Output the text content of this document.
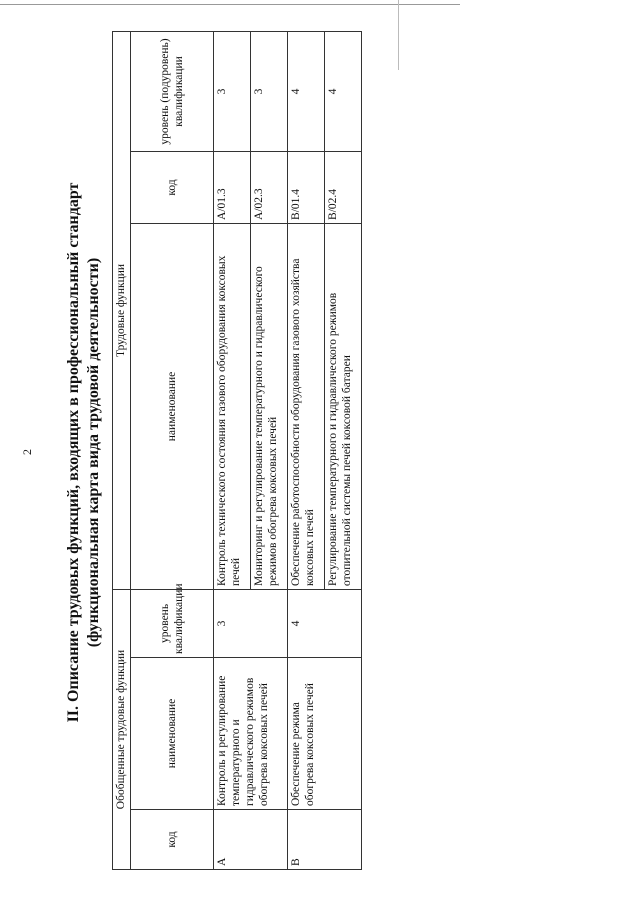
2 II. Описание трудовых функций, входящих в профессиональный стандарт (функциональная карта вида трудовой деятельности)
Обобщенные трудовые функции			Трудовые функции		
код	наименование	уровень квалификации	наименование	код	уровень (подуровень) квалификации
A	Контроль и регулирование температурного и гидравлического режимов обогрева коксовых печей	3	Контроль технического состояния газового оборудования коксовых печей	A/01.3	3
			Мониторинг и регулирование температурного и гидравлического режимов обогрева коксовых печей	A/02.3	3
B	Обеспечение режима обогрева коксовых печей	4	Обеспечение работоспособности оборудования газового хозяйства коксовых печей	B/01.4	4
			Регулирование температурного и гидравлического режимов отопительной системы печей коксовой батареи	B/02.4	4
